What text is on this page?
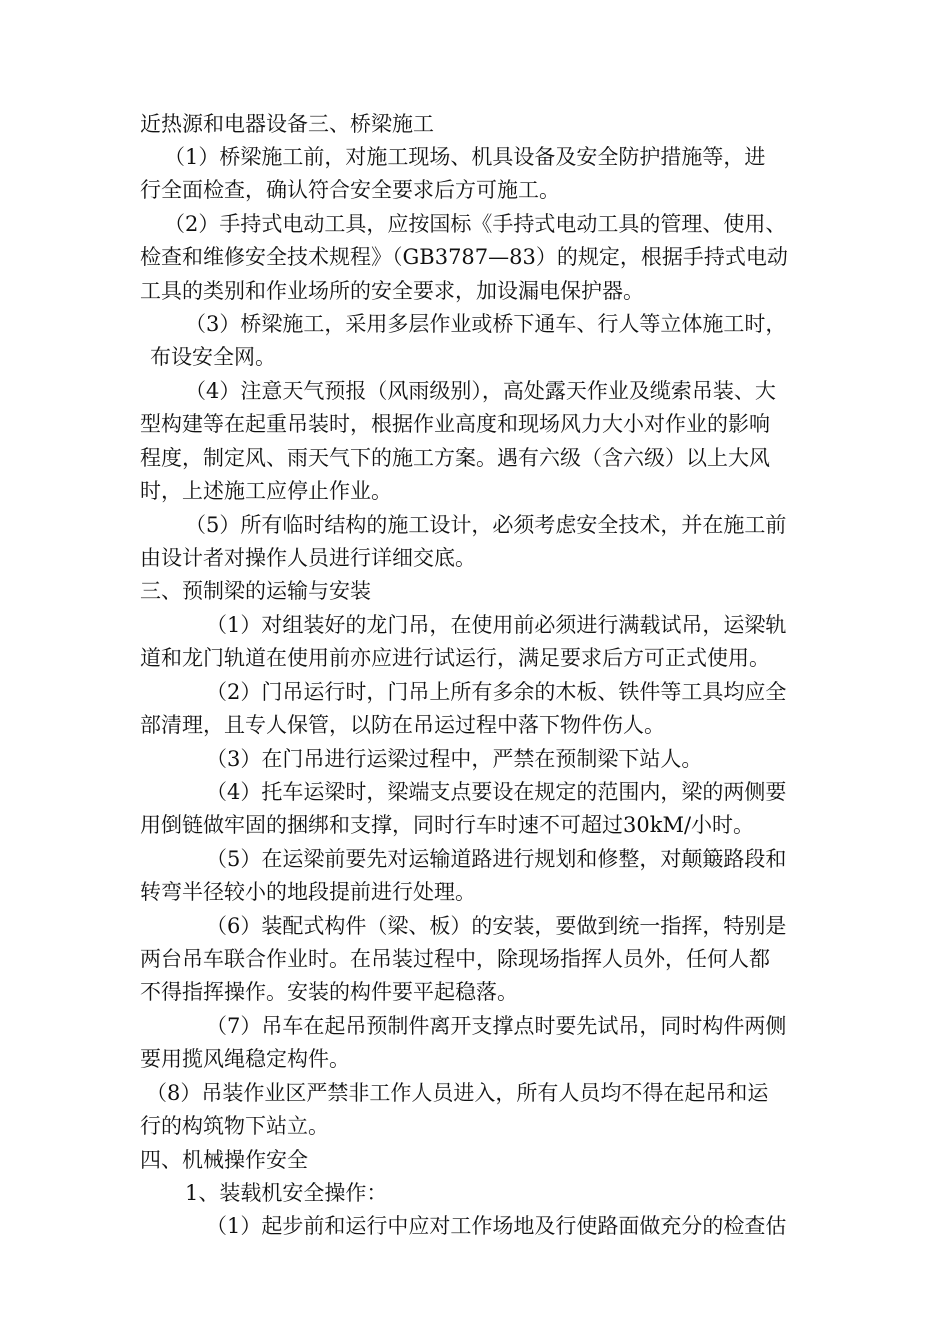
近热源和电器设备三、桥梁施工
（1）桥梁施工前，对施工现场、机具设备及安全防护措施等，进
行全面检查，确认符合安全要求后方可施工。
（2）手持式电动工具，应按国标《手持式电动工具的管理、使用、
检查和维修安全技术规程》（GB3787—83）的规定，根据手持式电动
工具的类别和作业场所的安全要求，加设漏电保护器。
（3）桥梁施工，采用多层作业或桥下通车、行人等立体施工时，
布设安全网。
（4）注意天气预报（风雨级别），高处露天作业及缆索吊装、大
型构建等在起重吊装时，根据作业高度和现场风力大小对作业的影响
程度，制定风、雨天气下的施工方案。遇有六级（含六级）以上大风
时，上述施工应停止作业。
（5）所有临时结构的施工设计，必须考虑安全技术，并在施工前
由设计者对操作人员进行详细交底。
三、预制梁的运输与安装
（1）对组装好的龙门吊，在使用前必须进行满载试吊，运梁轨
道和龙门轨道在使用前亦应进行试运行，满足要求后方可正式使用。
（2）门吊运行时，门吊上所有多余的木板、铁件等工具均应全
部清理，且专人保管，以防在吊运过程中落下物件伤人。
（3）在门吊进行运梁过程中，严禁在预制梁下站人。
（4）托车运梁时，梁端支点要设在规定的范围内，梁的两侧要
用倒链做牢固的捆绑和支撑，同时行车时速不可超过30kM/小时。
（5）在运梁前要先对运输道路进行规划和修整，对颠簸路段和
转弯半径较小的地段提前进行处理。
（6）装配式构件（梁、板）的安装，要做到统一指挥，特别是
两台吊车联合作业时。在吊装过程中，除现场指挥人员外，任何人都
不得指挥操作。安装的构件要平起稳落。
（7）吊车在起吊预制件离开支撑点时要先试吊，同时构件两侧
要用揽风绳稳定构件。
（8）吊装作业区严禁非工作人员进入，所有人员均不得在起吊和运
行的构筑物下站立。
四、机械操作安全
1、装载机安全操作：
（1）起步前和运行中应对工作场地及行使路面做充分的检查估
